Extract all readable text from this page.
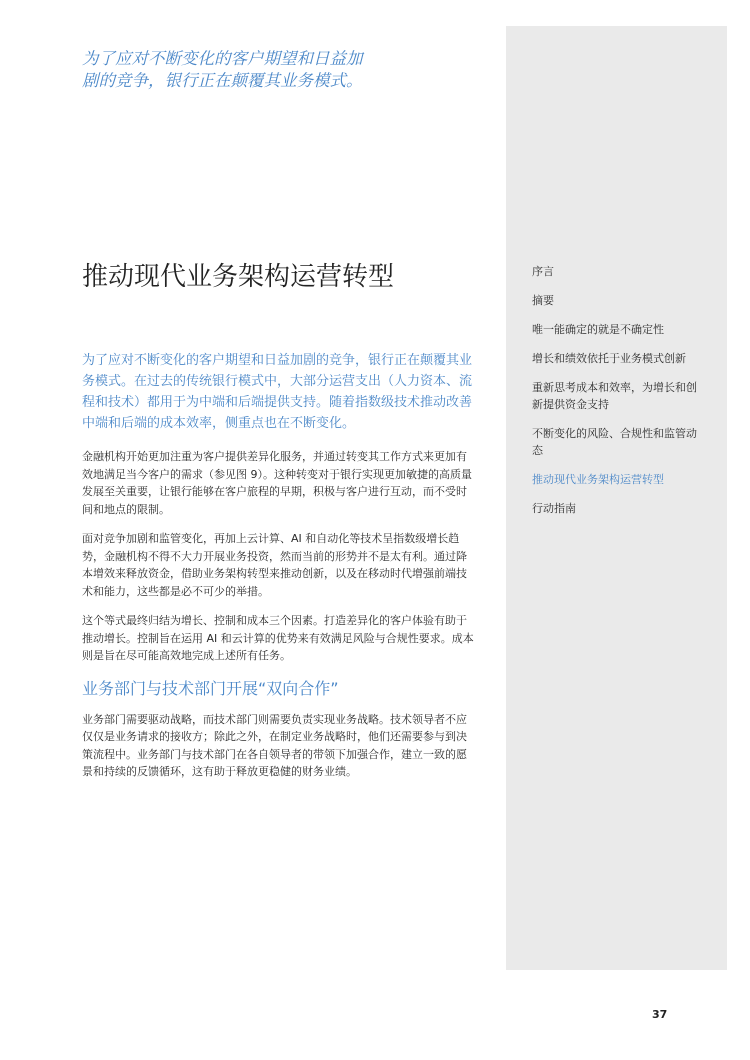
为了应对不断变化的客户期望和日益加剧的竞争，银行正在颠覆其业务模式。

序言
摘要
唯一能确定的就是不确定性
增长和绩效依托于业务模式创新
重新思考成本和效率，为增长和创新提供资金支持
不断变化的风险、合规性和监管动态
推动现代业务架构运营转型
行动指南
推动现代业务架构运营转型

为了应对不断变化的客户期望和日益加剧的竞争，银行正在颠覆其业务模式。在过去的传统银行模式中，大部分运营支出（人力资本、流程和技术）都用于为中端和后端提供支持。随着指数级技术推动改善中端和后端的成本效率，侧重点也在不断变化。

金融机构开始更加注重为客户提供差异化服务，并通过转变其工作方式来更加有效地满足当今客户的需求（参见图 9）。这种转变对于银行实现更加敏捷的高质量发展至关重要，让银行能够在客户旅程的早期，积极与客户进行互动，而不受时间和地点的限制。

面对竞争加剧和监管变化，再加上云计算、AI 和自动化等技术呈指数级增长趋势，金融机构不得不大力开展业务投资，然而当前的形势并不是太有利。通过降本增效来释放资金，借助业务架构转型来推动创新，以及在移动时代增强前端技术和能力，这些都是必不可少的举措。

这个等式最终归结为增长、控制和成本三个因素。打造差异化的客户体验有助于推动增长。控制旨在运用 AI 和云计算的优势来有效满足风险与合规性要求。成本则是旨在尽可能高效地完成上述所有任务。

业务部门与技术部门开展“双向合作”

业务部门需要驱动战略，而技术部门则需要负责实现业务战略。技术领导者不应仅仅是业务请求的接收方；除此之外，在制定业务战略时，他们还需要参与到决策流程中。业务部门与技术部门在各自领导者的带领下加强合作，建立一致的愿景和持续的反馈循环，这有助于释放更稳健的财务业绩。

37
